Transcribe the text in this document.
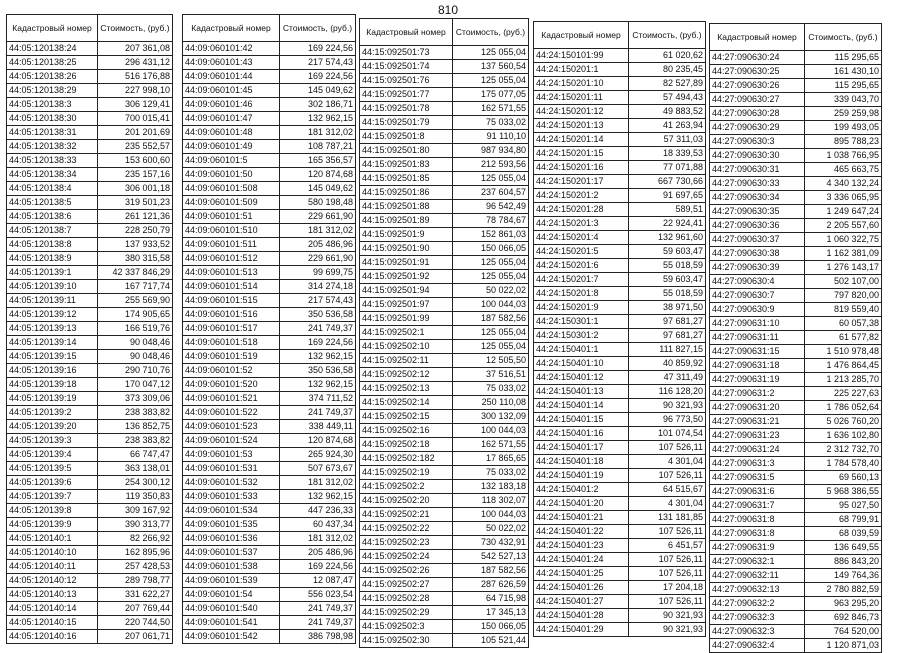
810
Кадастровый номер	Стоимость, (руб.)
44:05:120138:24	207 361,08
44:05:120138:25	296 431,12
44:05:120138:26	516 176,88
44:05:120138:29	227 998,10
44:05:120138:3	306 129,41
44:05:120138:30	700 015,41
44:05:120138:31	201 201,69
44:05:120138:32	235 552,57
44:05:120138:33	153 600,60
44:05:120138:34	235 157,16
44:05:120138:4	306 001,18
44:05:120138:5	319 501,23
44:05:120138:6	261 121,36
44:05:120138:7	228 250,79
44:05:120138:8	137 933,52
44:05:120138:9	380 315,58
44:05:120139:1	42 337 846,29
44:05:120139:10	167 717,74
44:05:120139:11	255 569,90
44:05:120139:12	174 905,65
44:05:120139:13	166 519,76
44:05:120139:14	90 048,46
44:05:120139:15	90 048,46
44:05:120139:16	290 710,76
44:05:120139:18	170 047,12
44:05:120139:19	373 309,06
44:05:120139:2	238 383,82
44:05:120139:20	136 852,75
44:05:120139:3	238 383,82
44:05:120139:4	66 747,47
44:05:120139:5	363 138,01
44:05:120139:6	254 300,12
44:05:120139:7	119 350,83
44:05:120139:8	309 167,92
44:05:120139:9	390 313,77
44:05:120140:1	82 266,92
44:05:120140:10	162 895,96
44:05:120140:11	257 428,53
44:05:120140:12	289 798,77
44:05:120140:13	331 622,27
44:05:120140:14	207 769,44
44:05:120140:15	220 744,50
44:05:120140:16	207 061,71
Кадастровый номер	Стоимость, (руб.)
44:09:060101:42	169 224,56
44:09:060101:43	217 574,43
44:09:060101:44	169 224,56
44:09:060101:45	145 049,62
44:09:060101:46	302 186,71
44:09:060101:47	132 962,15
44:09:060101:48	181 312,02
44:09:060101:49	108 787,21
44:09:060101:5	165 356,57
44:09:060101:50	120 874,68
44:09:060101:508	145 049,62
44:09:060101:509	580 198,48
44:09:060101:51	229 661,90
44:09:060101:510	181 312,02
44:09:060101:511	205 486,96
44:09:060101:512	229 661,90
44:09:060101:513	99 699,75
44:09:060101:514	314 274,18
44:09:060101:515	217 574,43
44:09:060101:516	350 536,58
44:09:060101:517	241 749,37
44:09:060101:518	169 224,56
44:09:060101:519	132 962,15
44:09:060101:52	350 536,58
44:09:060101:520	132 962,15
44:09:060101:521	374 711,52
44:09:060101:522	241 749,37
44:09:060101:523	338 449,11
44:09:060101:524	120 874,68
44:09:060101:53	265 924,30
44:09:060101:531	507 673,67
44:09:060101:532	181 312,02
44:09:060101:533	132 962,15
44:09:060101:534	447 236,33
44:09:060101:535	60 437,34
44:09:060101:536	181 312,02
44:09:060101:537	205 486,96
44:09:060101:538	169 224,56
44:09:060101:539	12 087,47
44:09:060101:54	556 023,54
44:09:060101:540	241 749,37
44:09:060101:541	241 749,37
44:09:060101:542	386 798,98
Кадастровый номер	Стоимость, (руб.)
44:15:092501:73	125 055,04
44:15:092501:74	137 560,54
44:15:092501:76	125 055,04
44:15:092501:77	175 077,05
44:15:092501:78	162 571,55
44:15:092501:79	75 033,02
44:15:092501:8	91 110,10
44:15:092501:80	987 934,80
44:15:092501:83	212 593,56
44:15:092501:85	125 055,04
44:15:092501:86	237 604,57
44:15:092501:88	96 542,49
44:15:092501:89	78 784,67
44:15:092501:9	152 861,03
44:15:092501:90	150 066,05
44:15:092501:91	125 055,04
44:15:092501:92	125 055,04
44:15:092501:94	50 022,02
44:15:092501:97	100 044,03
44:15:092501:99	187 582,56
44:15:092502:1	125 055,04
44:15:092502:10	125 055,04
44:15:092502:11	12 505,50
44:15:092502:12	37 516,51
44:15:092502:13	75 033,02
44:15:092502:14	250 110,08
44:15:092502:15	300 132,09
44:15:092502:16	100 044,03
44:15:092502:18	162 571,55
44:15:092502:182	17 865,65
44:15:092502:19	75 033,02
44:15:092502:2	132 183,18
44:15:092502:20	118 302,07
44:15:092502:21	100 044,03
44:15:092502:22	50 022,02
44:15:092502:23	730 432,91
44:15:092502:24	542 527,13
44:15:092502:26	187 582,56
44:15:092502:27	287 626,59
44:15:092502:28	64 715,98
44:15:092502:29	17 345,13
44:15:092502:3	150 066,05
44:15:092502:30	105 521,44
Кадастровый номер	Стоимость, (руб.)
44:24:150101:99	61 020,62
44:24:150201:1	80 235,45
44:24:150201:10	82 527,89
44:24:150201:11	57 494,43
44:24:150201:12	49 883,52
44:24:150201:13	41 263,94
44:24:150201:14	57 311,03
44:24:150201:15	18 339,53
44:24:150201:16	77 071,88
44:24:150201:17	667 730,66
44:24:150201:2	91 697,65
44:24:150201:28	589,51
44:24:150201:3	22 924,41
44:24:150201:4	132 961,60
44:24:150201:5	59 603,47
44:24:150201:6	55 018,59
44:24:150201:7	59 603,47
44:24:150201:8	55 018,59
44:24:150201:9	38 971,50
44:24:150301:1	97 681,27
44:24:150301:2	97 681,27
44:24:150401:1	111 827,15
44:24:150401:10	40 859,92
44:24:150401:12	47 311,49
44:24:150401:13	116 128,20
44:24:150401:14	90 321,93
44:24:150401:15	96 773,50
44:24:150401:16	101 074,54
44:24:150401:17	107 526,11
44:24:150401:18	4 301,04
44:24:150401:19	107 526,11
44:24:150401:2	64 515,67
44:24:150401:20	4 301,04
44:24:150401:21	131 181,85
44:24:150401:22	107 526,11
44:24:150401:23	6 451,57
44:24:150401:24	107 526,11
44:24:150401:25	107 526,11
44:24:150401:26	17 204,18
44:24:150401:27	107 526,11
44:24:150401:28	90 321,93
44:24:150401:29	90 321,93
Кадастровый номер	Стоимость, (руб.)
44:27:090630:24	115 295,65
44:27:090630:25	161 430,10
44:27:090630:26	115 295,65
44:27:090630:27	339 043,70
44:27:090630:28	259 259,98
44:27:090630:29	199 493,05
44:27:090630:3	895 788,23
44:27:090630:30	1 038 766,95
44:27:090630:31	465 663,75
44:27:090630:33	4 340 132,24
44:27:090630:34	3 336 065,95
44:27:090630:35	1 249 647,24
44:27:090630:36	2 205 557,60
44:27:090630:37	1 060 322,75
44:27:090630:38	1 162 381,09
44:27:090630:39	1 276 143,17
44:27:090630:4	502 107,00
44:27:090630:7	797 820,00
44:27:090630:9	819 559,40
44:27:090631:10	60 057,38
44:27:090631:11	61 577,82
44:27:090631:15	1 510 978,48
44:27:090631:18	1 476 864,45
44:27:090631:19	1 213 285,70
44:27:090631:2	225 227,63
44:27:090631:20	1 786 052,64
44:27:090631:21	5 026 760,20
44:27:090631:23	1 636 102,80
44:27:090631:24	2 312 732,70
44:27:090631:3	1 784 578,40
44:27:090631:5	69 560,13
44:27:090631:6	5 968 386,55
44:27:090631:7	95 027,50
44:27:090631:8	68 799,91
44:27:090631:8	68 039,59
44:27:090631:9	136 649,55
44:27:090632:1	886 843,20
44:27:090632:11	149 764,36
44:27:090632:13	2 780 882,59
44:27:090632:2	963 295,20
44:27:090632:3	692 846,73
44:27:090632:3	764 520,00
44:27:090632:4	1 120 871,03
